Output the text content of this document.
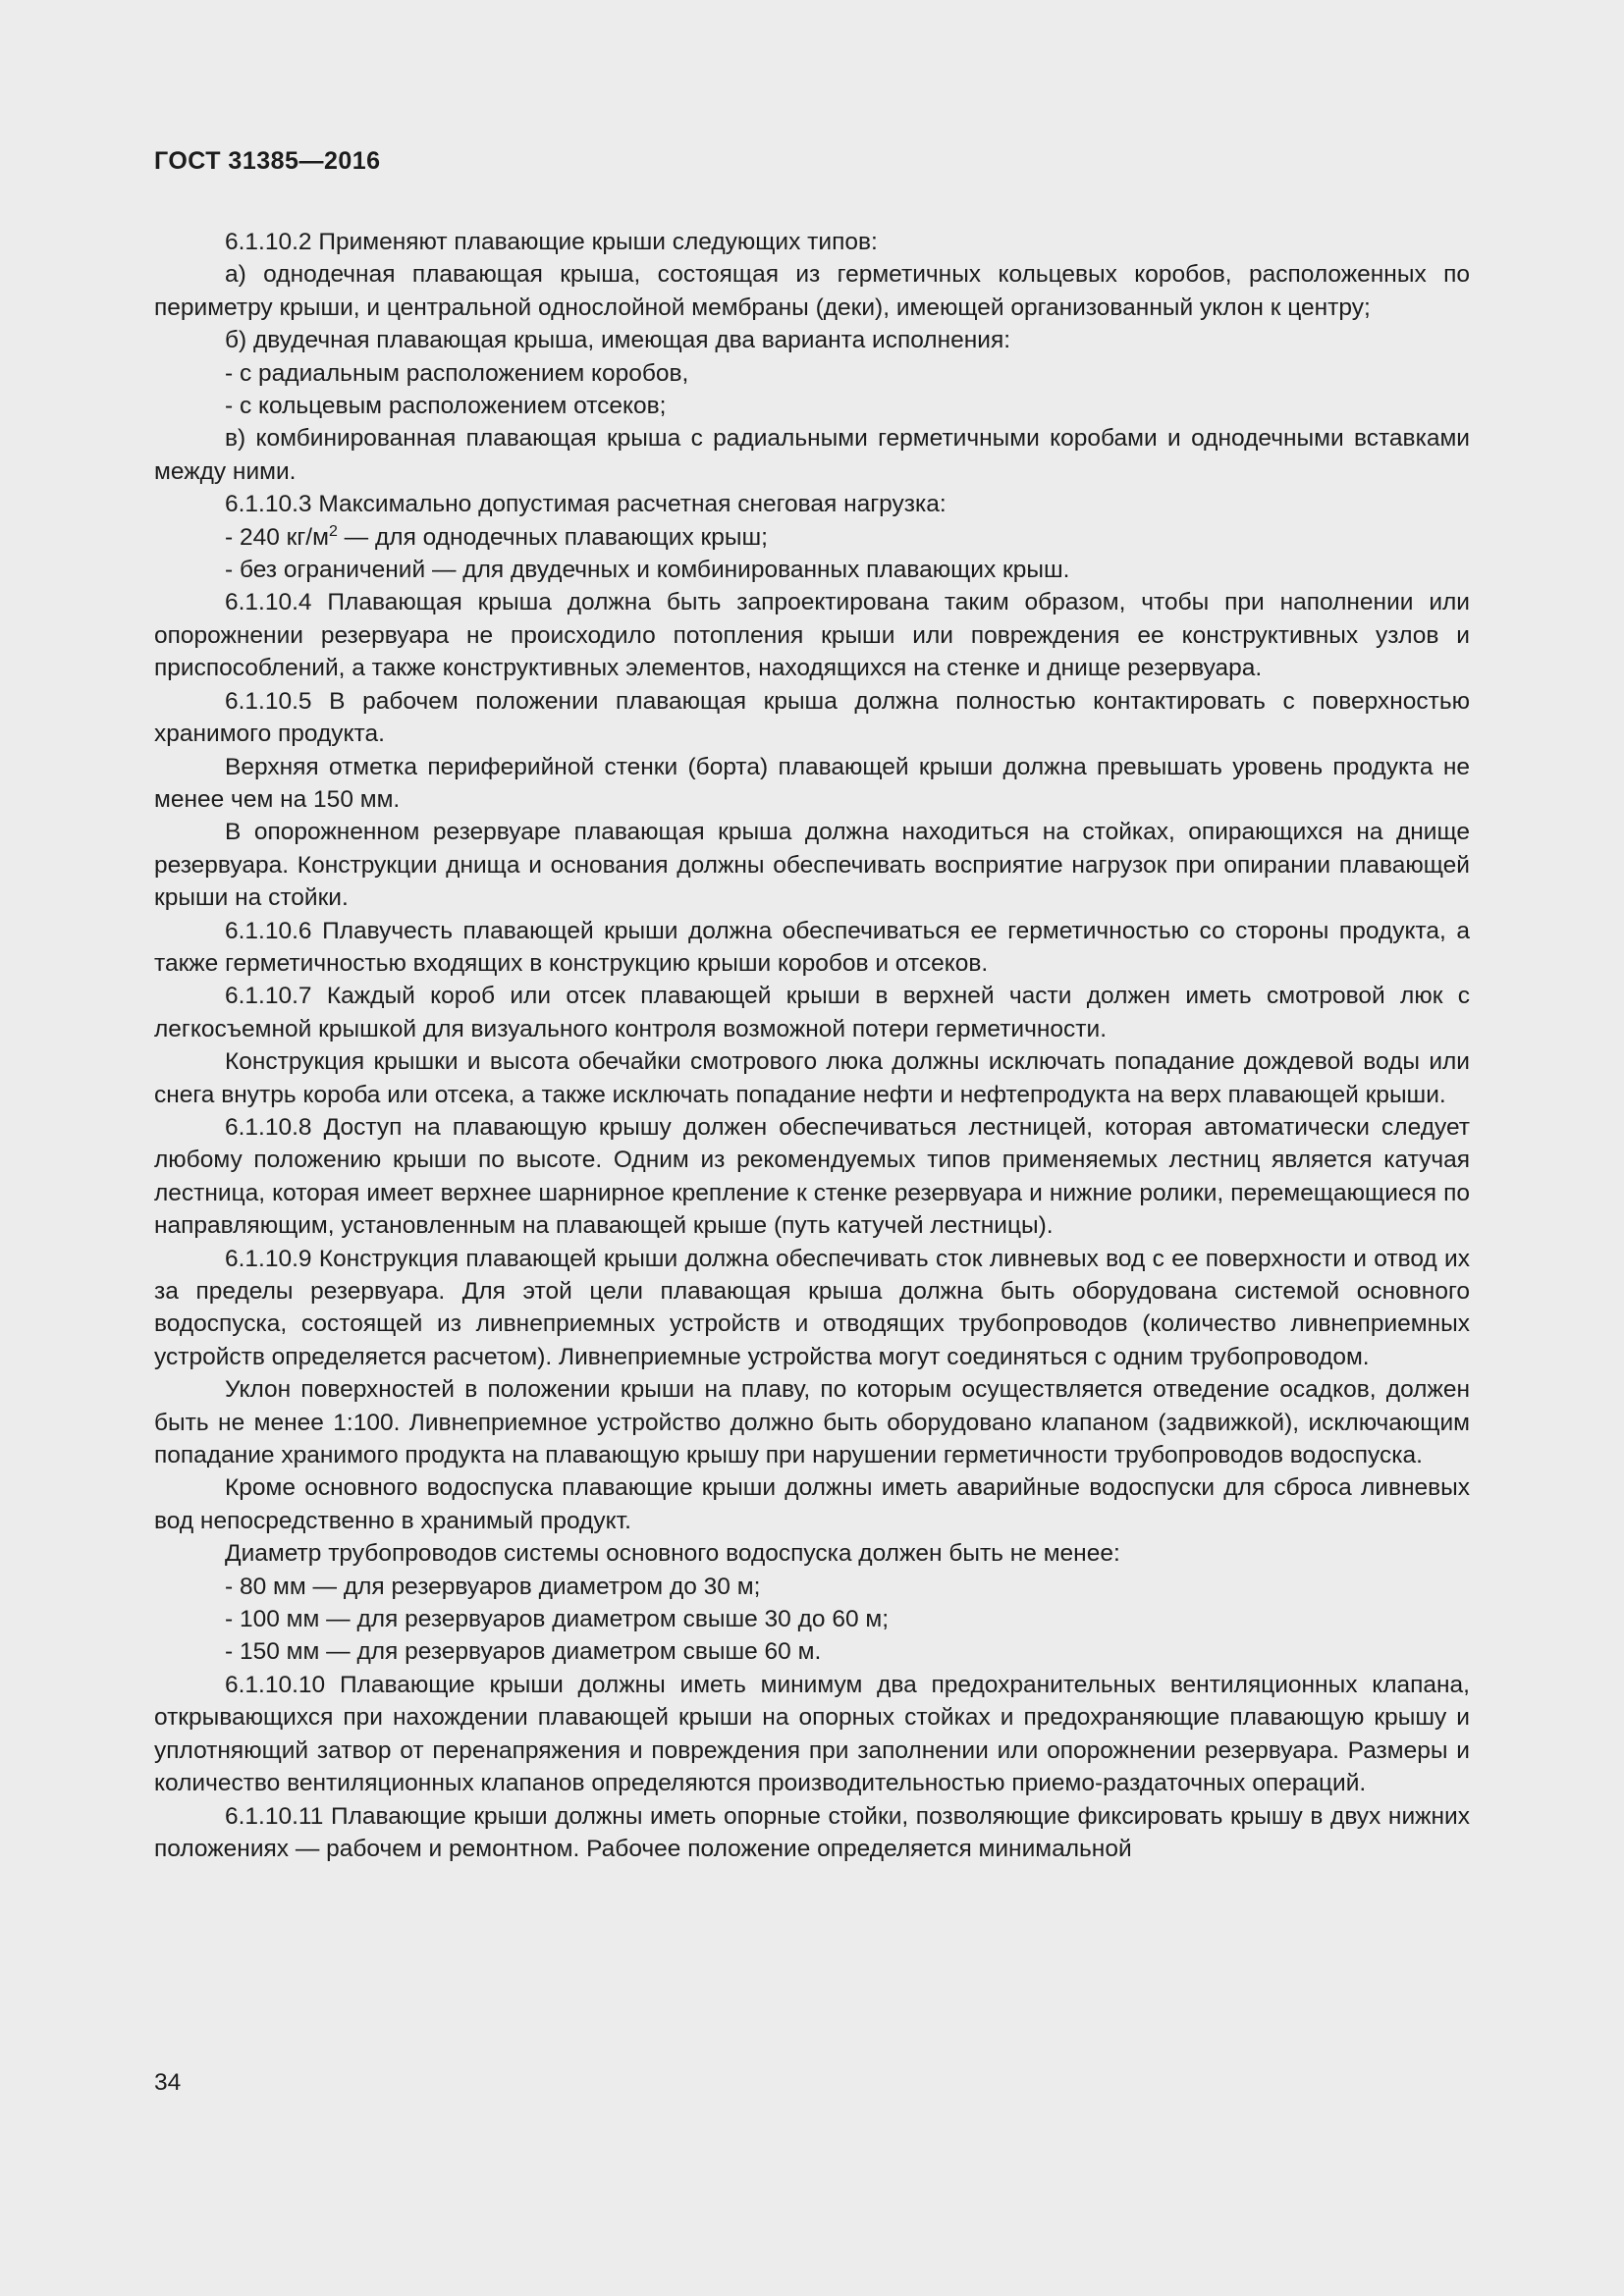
ГОСТ 31385—2016

6.1.10.2 Применяют плавающие крыши следующих типов:

а) однодечная плавающая крыша, состоящая из герметичных кольцевых коробов, расположенных по периметру крыши, и центральной однослойной мембраны (деки), имеющей организованный уклон к центру;

б) двудечная плавающая крыша, имеющая два варианта исполнения:

- с радиальным расположением коробов,

- с кольцевым расположением отсеков;

в) комбинированная плавающая крыша с радиальными герметичными коробами и однодечными вставками между ними.

6.1.10.3 Максимально допустимая расчетная снеговая нагрузка:

- 240 $кг/м^2$ — для однодечных плавающих крыш;

- без ограничений — для двудечных и комбинированных плавающих крыш.

6.1.10.4 Плавающая крыша должна быть запроектирована таким образом, чтобы при наполнении или опорожнении резервуара не происходило потопления крыши или повреждения ее конструктивных узлов и приспособлений, а также конструктивных элементов, находящихся на стенке и днище резервуара.

6.1.10.5 В рабочем положении плавающая крыша должна полностью контактировать с поверхностью хранимого продукта.

Верхняя отметка периферийной стенки (борта) плавающей крыши должна превышать уровень продукта не менее чем на 150 мм.

В опорожненном резервуаре плавающая крыша должна находиться на стойках, опирающихся на днище резервуара. Конструкции днища и основания должны обеспечивать восприятие нагрузок при опирании плавающей крыши на стойки.

6.1.10.6 Плавучесть плавающей крыши должна обеспечиваться ее герметичностью со стороны продукта, а также герметичностью входящих в конструкцию крыши коробов и отсеков.

6.1.10.7 Каждый короб или отсек плавающей крыши в верхней части должен иметь смотровой люк с легкосъемной крышкой для визуального контроля возможной потери герметичности.

Конструкция крышки и высота обечайки смотрового люка должны исключать попадание дождевой воды или снега внутрь короба или отсека, а также исключать попадание нефти и нефтепродукта на верх плавающей крыши.

6.1.10.8 Доступ на плавающую крышу должен обеспечиваться лестницей, которая автоматически следует любому положению крыши по высоте. Одним из рекомендуемых типов применяемых лестниц является катучая лестница, которая имеет верхнее шарнирное крепление к стенке резервуара и нижние ролики, перемещающиеся по направляющим, установленным на плавающей крыше (путь катучей лестницы).

6.1.10.9 Конструкция плавающей крыши должна обеспечивать сток ливневых вод с ее поверхности и отвод их за пределы резервуара. Для этой цели плавающая крыша должна быть оборудована системой основного водоспуска, состоящей из ливнеприемных устройств и отводящих трубопроводов (количество ливнеприемных устройств определяется расчетом). Ливнеприемные устройства могут соединяться с одним трубопроводом.

Уклон поверхностей в положении крыши на плаву, по которым осуществляется отведение осадков, должен быть не менее 1:100. Ливнеприемное устройство должно быть оборудовано клапаном (задвижкой), исключающим попадание хранимого продукта на плавающую крышу при нарушении герметичности трубопроводов водоспуска.

Кроме основного водоспуска плавающие крыши должны иметь аварийные водоспуски для сброса ливневых вод непосредственно в хранимый продукт.

Диаметр трубопроводов системы основного водоспуска должен быть не менее:

- 80 мм — для резервуаров диаметром до 30 м;

- 100 мм — для резервуаров диаметром свыше 30 до 60 м;

- 150 мм — для резервуаров диаметром свыше 60 м.

6.1.10.10 Плавающие крыши должны иметь минимум два предохранительных вентиляционных клапана, открывающихся при нахождении плавающей крыши на опорных стойках и предохраняющие плавающую крышу и уплотняющий затвор от перенапряжения и повреждения при заполнении или опорожнении резервуара. Размеры и количество вентиляционных клапанов определяются производительностью приемо-раздаточных операций.

6.1.10.11 Плавающие крыши должны иметь опорные стойки, позволяющие фиксировать крышу в двух нижних положениях — рабочем и ремонтном. Рабочее положение определяется минимальной

34
